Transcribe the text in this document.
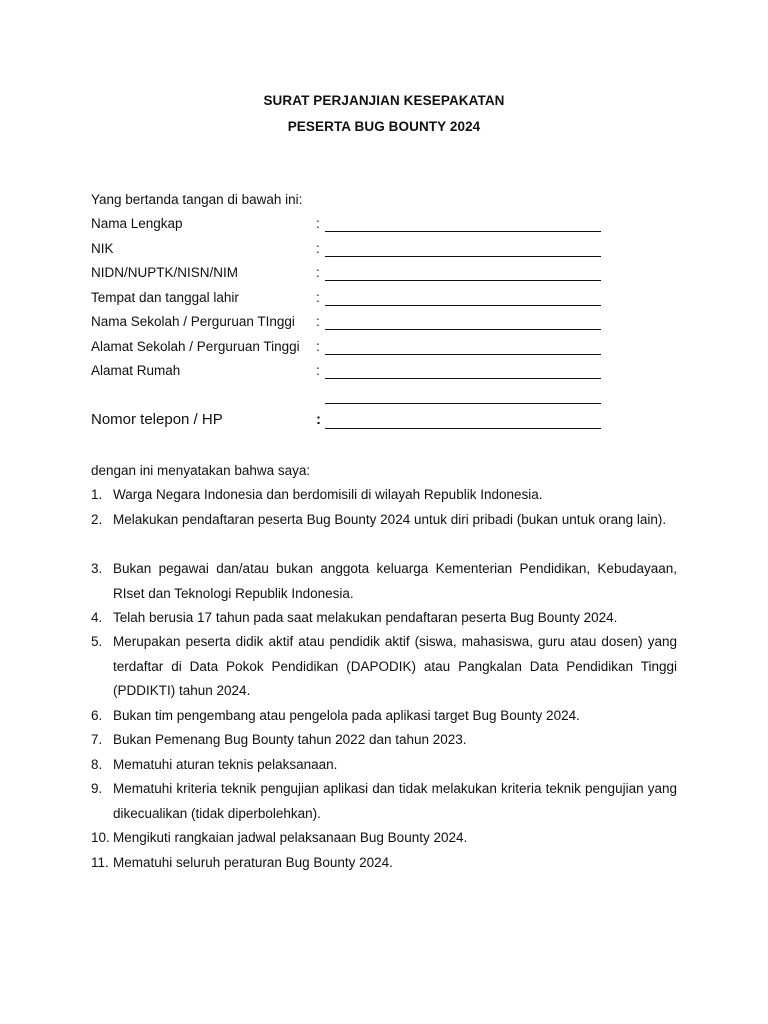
SURAT PERJANJIAN KESEPAKATAN
PESERTA BUG BOUNTY 2024
Yang bertanda tangan di bawah ini:
Nama Lengkap	:
NIK	:
NIDN/NUPTK/NISN/NIM	:
Tempat dan tanggal lahir	:
Nama Sekolah / Perguruan TInggi :
Alamat Sekolah / Perguruan Tinggi :
Alamat Rumah	:
Nomor telepon / HP	:
dengan ini menyatakan bahwa saya:
1. Warga Negara Indonesia dan berdomisili di wilayah Republik Indonesia.
2. Melakukan pendaftaran peserta Bug Bounty 2024 untuk diri pribadi (bukan untuk orang lain).
3. Bukan pegawai dan/atau bukan anggota keluarga Kementerian Pendidikan, Kebudayaan, RIset dan Teknologi Republik Indonesia.
4. Telah berusia 17 tahun pada saat melakukan pendaftaran peserta Bug Bounty 2024.
5. Merupakan peserta didik aktif atau pendidik aktif (siswa, mahasiswa, guru atau dosen) yang terdaftar di Data Pokok Pendidikan (DAPODIK) atau Pangkalan Data Pendidikan Tinggi (PDDIKTI) tahun 2024.
6. Bukan tim pengembang atau pengelola pada aplikasi target Bug Bounty 2024.
7. Bukan Pemenang Bug Bounty tahun 2022 dan tahun 2023.
8. Mematuhi aturan teknis pelaksanaan.
9. Mematuhi kriteria teknik pengujian aplikasi dan tidak melakukan kriteria teknik pengujian yang dikecualikan (tidak diperbolehkan).
10. Mengikuti rangkaian jadwal pelaksanaan Bug Bounty 2024.
11. Mematuhi seluruh peraturan Bug Bounty 2024.
